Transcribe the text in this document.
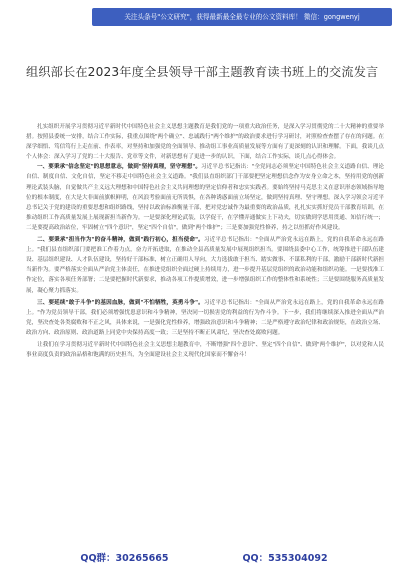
关注头条号"公文研究"，获得最新最全最专业的公文资料库！ 微信：gongwenyj
组织部长在2023年度全县领导干部主题教育读书班上的交流发言

扎实组织开展学习贯彻习近平新时代中国特色社会主义思想主题教育是我们党的一项重大政治任务，是深入学习贯彻党的二十大精神的重要举措。按照县委统一安排，结合工作实际，我重点围绕"两个确立"、忠诚践行"两个维护"的政治要求进行学习研讨，对照检查查摆了存在的问题。在深学细悟、笃信笃行上走在前、作表率，对坚持和加强党的全面领导、推动组工事业高质量发展等方面有了更深刻的认识和理解。下面，我谈几点个人体会：深入学习了党的二十大报告、党章等文件，对新思想有了更进一步的认识，下面，结合工作实际，谈几点心得体会。

一、要秉承"信念坚定"的思想意志，做到"坚持真理，坚守理想"。习近平总书记指出："全党同志必须坚定中国特色社会主义道路自信、理论自信、制度自信、文化自信，坚定不移走中国特色社会主义道路。"我们县直组织部门干部要把坚定理想信念作为安身立命之本，坚持用党的创新理论武装头脑，自觉做共产主义远大理想和中国特色社会主义共同理想的坚定信仰者和忠实实践者。要始终坚持马克思主义在意识形态领域指导地位的根本制度，在大是大非面前旗帜鲜明，在风浪考验面前无所畏惧，在各种诱惑面前立场坚定，做到坚持真理、坚守理想。深入学习领会习近平总书记关于党的建设的重要思想和组织路线，坚持以政治标准衡量干部，把对党忠诚作为最重要的政治品质，扎扎实实抓好党员干部教育培训，在推动组织工作高质量发展上展现新担当新作为。一是要深化理论武装，以学促干，在学懂弄通做实上下功夫，切实做到学思用贯通、知信行统一；二是要提高政治站位，牢固树立"四个意识"，坚定"四个自信"，做到"两个维护"；三是要加强党性修养，持之以恒抓好作风建设。

二、要秉承"担当作为"的奋斗精神，做到"践行初心，担当使命"。习近平总书记指出："全面从严治党永远在路上，党的自我革命永远在路上。"我们县直组织部门要把准工作着力点，奋力开拓进取，在推动全县高质量发展中展现组织担当。要围绕县委中心工作，统筹推进干部队伍建设、基层组织建设、人才队伍建设，坚持好干部标准，树立正确用人导向，大力选拔敢于担当、踏实做事、不谋私利的干部，激励干部新时代新担当新作为。要严格落实全面从严治党主体责任，在推进党组织全面过硬上持续用力，进一步提升基层党组织的政治功能和组织功能。一是要找准工作定位，落实各项任务部署；二是要把握时代新要求，推动各项工作提质增效，进一步增强组织工作的整体性和系统性；三是要围绕服务高质量发展，凝心聚力抓落实。

三、要延续"敢于斗争"的基因血脉，做到"不怕牺牲，英勇斗争"。习近平总书记指出："全面从严治党永远在路上，党的自我革命永远在路上。"作为党员领导干部，我们必须增强忧患意识和斗争精神，坚决同一切损害党的利益的行为作斗争。下一步，我们将继续深入推进全面从严治党，坚决查处各类腐败和不正之风，具体来说，一是强化党性修养，增强政治意识和斗争精神；二是严格遵守政治纪律和政治规矩，在政治立场、政治方向、政治原则、政治道路上同党中央保持高度一致；三是坚持不断正风肃纪，坚决查处腐败问题。

让我们在学习贯彻习近平新时代中国特色社会主义思想主题教育中，不断增强"四个意识"、坚定"四个自信"、做到"两个维护"，以对党和人民事业高度负责的政治品格和饱满的历史担当，为全面建设社会主义现代化国家而不懈奋斗！

QQ群：30265665	QQ：535304092
